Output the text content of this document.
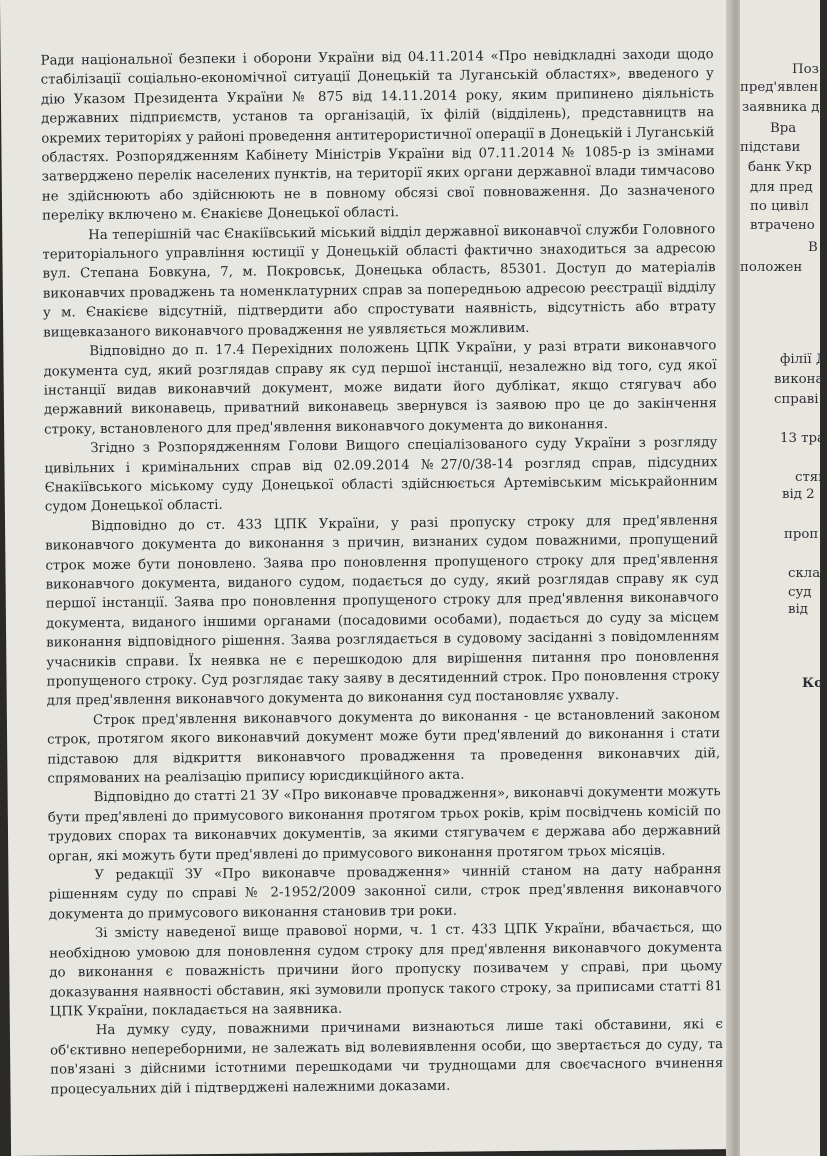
Ради національної безпеки і оборони України від 04.11.2014 «Про невідкладні заходи щодо стабілізації соціально-економічної ситуації Донецькій та Луганській областях», введеного у дію Указом Президента України № 875 від 14.11.2014 року, яким припинено діяльність державних підприємств, установ та організацій, їх філій (відділень), представництв на окремих територіях у районі проведення антитерористичної операції в Донецькій і Луганській областях. Розпорядженням Кабінету Міністрів України від 07.11.2014 № 1085-р із змінами затверджено перелік населених пунктів, на території яких органи державної влади тимчасово не здійснюють або здійснюють не в повному обсязі свої повноваження. До зазначеного переліку включено м. Єнакієве Донецької області.

На теперішній час Єнакіївський міський відділ державної виконавчої служби Головного територіального управління юстиції у Донецькій області фактично знаходиться за адресою вул. Степана Бовкуна, 7, м. Покровськ, Донецька область, 85301. Доступ до матеріалів виконавчих проваджень та номенклатурних справ за попередньою адресою реєстрації відділу у м. Єнакієве відсутній, підтвердити або спростувати наявність, відсутність або втрату вищевказаного виконавчого провадження не уявляється можливим.

Відповідно до п. 17.4 Перехідних положень ЦПК України, у разі втрати виконавчого документа суд, який розглядав справу як суд першої інстанції, незалежно від того, суд якої інстанції видав виконавчий документ, може видати його дублікат, якщо стягувач або державний виконавець, приватний виконавець звернувся із заявою про це до закінчення строку, встановленого для пред'явлення виконавчого документа до виконання.

Згідно з Розпорядженням Голови Вищого спеціалізованого суду України з розгляду цивільних і кримінальних справ від 02.09.2014 №27/0/38-14 розгляд справ, підсудних Єнакіївського міському суду Донецької області здійснюється Артемівським міськрайонним судом Донецької області.

Відповідно до ст. 433 ЦПК України, у разі пропуску строку для пред'явлення виконавчого документа до виконання з причин, визнаних судом поважними, пропущений строк може бути поновлено. Заява про поновлення пропущеного строку для пред'явлення виконавчого документа, виданого судом, подається до суду, який розглядав справу як суд першої інстанції. Заява про поновлення пропущеного строку для пред'явлення виконавчого документа, виданого іншими органами (посадовими особами), подається до суду за місцем виконання відповідного рішення. Заява розглядається в судовому засіданні з повідомленням учасників справи. Їх неявка не є перешкодою для вирішення питання про поновлення пропущеного строку. Суд розглядає таку заяву в десятиденний строк. Про поновлення строку для пред'явлення виконавчого документа до виконання суд постановляє ухвалу.

Строк пред'явлення виконавчого документа до виконання - це встановлений законом строк, протягом якого виконавчий документ може бути пред'явлений до виконання і стати підставою для відкриття виконавчого провадження та проведення виконавчих дій, спрямованих на реалізацію припису юрисдикційного акта.

Відповідно до статті 21 ЗУ «Про виконавче провадження», виконавчі документи можуть бути пред'явлені до примусового виконання протягом трьох років, крім посвідчень комісій по трудових спорах та виконавчих документів, за якими стягувачем є держава або державний орган, які можуть бути пред'явлені до примусового виконання протягом трьох місяців.

У редакції ЗУ «Про виконавче провадження» чинній станом на дату набрання рішенням суду по справі № 2-1952/2009 законної сили, строк пред'явлення виконавчого документа до примусового виконання становив три роки.

Зі змісту наведеної вище правової норми, ч. 1 ст. 433 ЦПК України, вбачається, що необхідною умовою для поновлення судом строку для пред'явлення виконавчого документа до виконання є поважність причини його пропуску позивачем у справі, при цьому доказування наявності обставин, які зумовили пропуск такого строку, за приписами статті 81 ЦПК України, покладається на заявника.

На думку суду, поважними причинами визнаються лише такі обставини, які є об'єктивно непереборними, не залежать від волевиявлення особи, що звертається до суду, та пов'язані з дійсними істотними перешкодами чи труднощами для своєчасного вчинення процесуальних дій і підтверджені належними доказами.

Поз
пред'явлен
заявника д
Вра
підстави
банк Укр
для пред
по цивіл
втрачено
В
положен
філії Д
викона
справі
13 тра
стяг
від 2
проп
скла
суд
від
Ко
